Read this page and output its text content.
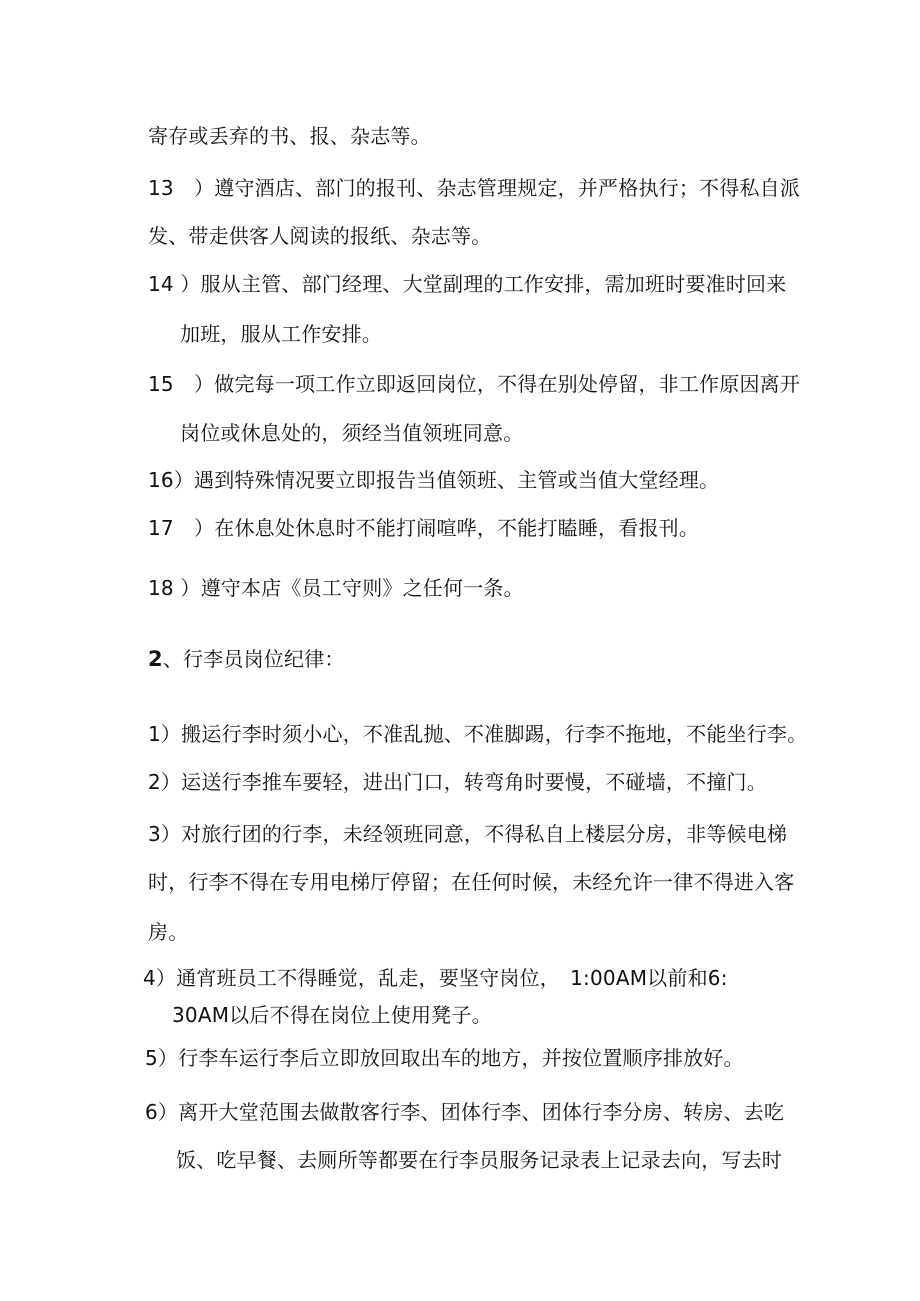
寄存或丢弃的书、报、杂志等。
13　）遵守酒店、部门的报刊、杂志管理规定，并严格执行；不得私自派
发、带走供客人阅读的报纸、杂志等。
14 ）服从主管、部门经理、大堂副理的工作安排，需加班时要准时回来
加班，服从工作安排。
15　）做完每一项工作立即返回岗位，不得在别处停留，非工作原因离开
岗位或休息处的，须经当值领班同意。
16）遇到特殊情况要立即报告当值领班、主管或当值大堂经理。
17　）在休息处休息时不能打闹喧哗，不能打瞌睡，看报刊。
18 ）遵守本店《员工守则》之任何一条。
2、行李员岗位纪律：
1）搬运行李时须小心，不准乱抛、不准脚踢，行李不拖地，不能坐行李。
2）运送行李推车要轻，进出门口，转弯角时要慢，不碰墙，不撞门。
3）对旅行团的行李，未经领班同意，不得私自上楼层分房，非等候电梯
时，行李不得在专用电梯厅停留；在任何时候，未经允许一律不得进入客
房。
4）通宵班员工不得睡觉，乱走，要坚守岗位，　1:00AM以前和6:
30AM以后不得在岗位上使用凳子。
5）行李车运行李后立即放回取出车的地方，并按位置顺序排放好。
6）离开大堂范围去做散客行李、团体行李、团体行李分房、转房、去吃
饭、吃早餐、去厕所等都要在行李员服务记录表上记录去向，写去时
